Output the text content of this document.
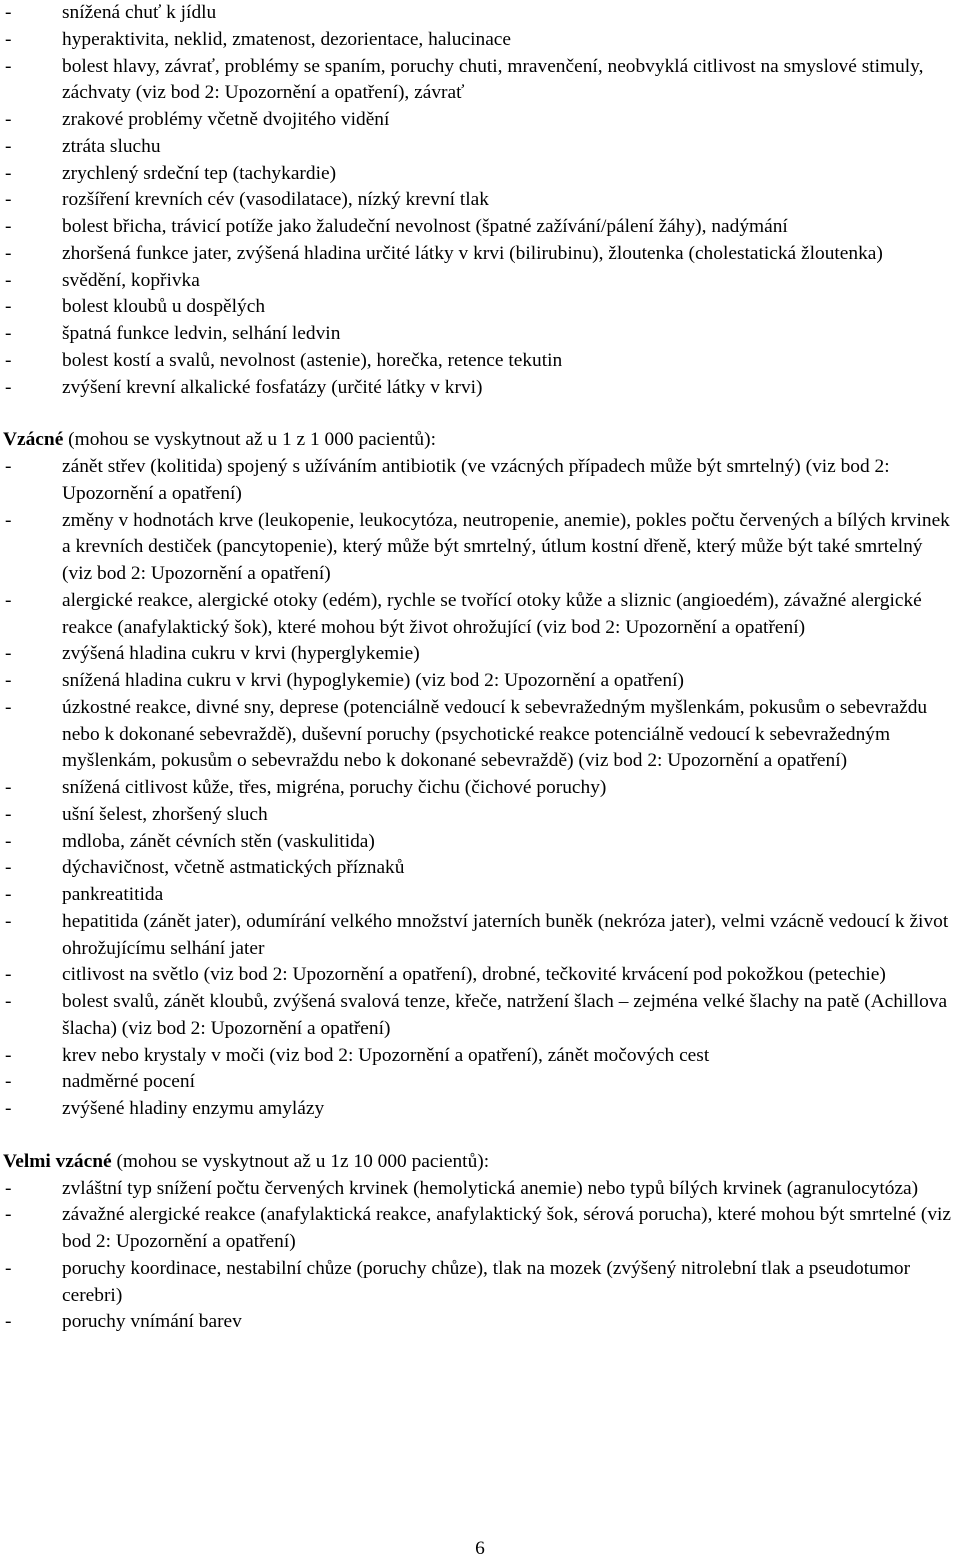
-	snížená chuť k jídlu
-	hyperaktivita, neklid, zmatenost, dezorientace, halucinace
-	bolest hlavy, závrať, problémy se spaním, poruchy chuti, mravenčení, neobvyklá citlivost na smyslové stimuly, záchvaty (viz bod 2: Upozornění a opatření), závrať
-	zrakové problémy včetně dvojitého vidění
-	ztráta sluchu
-	zrychlený srdeční tep (tachykardie)
-	rozšíření krevních cév (vasodilatace), nízký krevní tlak
-	bolest břicha, trávicí potíže jako žaludeční nevolnost (špatné zažívání/pálení žáhy), nadýmání
-	zhoršená funkce jater, zvýšená hladina určité látky v krvi (bilirubinu), žloutenka (cholestatická žloutenka)
-	svědění, kopřivka
-	bolest kloubů u dospělých
-	špatná funkce ledvin, selhání ledvin
-	bolest kostí a svalů, nevolnost (astenie), horečka, retence tekutin
-	zvýšení krevní alkalické fosfatázy (určité látky v krvi)
Vzácné (mohou se vyskytnout až u 1 z 1 000 pacientů):
-	zánět střev (kolitida) spojený s užíváním antibiotik (ve vzácných případech může být smrtelný) (viz bod 2: Upozornění a opatření)
-	změny v hodnotách krve (leukopenie, leukocytóza, neutropenie, anemie), pokles počtu červených a bílých krvinek a krevních destiček (pancytopenie), který může být smrtelný, útlum kostní dřeně, který může být také smrtelný (viz bod 2: Upozornění a opatření)
-	alergické reakce, alergické otoky (edém), rychle se tvořící otoky kůže a sliznic (angioedém), závažné alergické reakce (anafylaktický šok), které mohou být život ohrožující (viz bod 2: Upozornění a opatření)
-	zvýšená hladina cukru v krvi (hyperglykemie)
-	snížená hladina cukru v krvi (hypoglykemie) (viz bod 2: Upozornění a opatření)
-	úzkostné reakce, divné sny, deprese (potenciálně vedoucí k sebevražedným myšlenkám, pokusům o sebevraždu nebo k dokonané sebevraždě), duševní poruchy (psychotické reakce potenciálně vedoucí k sebevražedným myšlenkám, pokusům o sebevraždu nebo k dokonané sebevraždě) (viz bod 2: Upozornění a opatření)
-	snížená citlivost kůže, třes, migréna, poruchy čichu (čichové poruchy)
-	ušní šelest, zhoršený sluch
-	mdloba, zánět cévních stěn (vaskulitida)
-	dýchavičnost, včetně astmatických příznaků
-	pankreatitida
-	hepatitida (zánět jater), odumírání velkého množství jaterních buněk (nekróza jater), velmi vzácně vedoucí k život ohrožujícímu selhání jater
-	citlivost na světlo (viz bod 2: Upozornění a opatření), drobné, tečkovité krvácení pod pokožkou (petechie)
-	bolest svalů, zánět kloubů, zvýšená svalová tenze, křeče, natržení šlach – zejména velké šlachy na patě (Achillova šlacha) (viz bod 2: Upozornění a opatření)
-	krev nebo krystaly v moči (viz bod 2: Upozornění a opatření), zánět močových cest
-	nadměrné pocení
-	zvýšené hladiny enzymu amylázy
Velmi vzácné (mohou se vyskytnout až u 1z 10 000 pacientů):
-	zvláštní typ snížení počtu červených krvinek (hemolytická anemie) nebo typů bílých krvinek (agranulocytóza)
-	závažné alergické reakce (anafylaktická reakce, anafylaktický šok, sérová porucha), které mohou být smrtelné (viz bod 2: Upozornění a opatření)
-	poruchy koordinace, nestabilní chůze (poruchy chůze), tlak na mozek (zvýšený nitrolební tlak a pseudotumor cerebri)
-	poruchy vnímání barev
6
